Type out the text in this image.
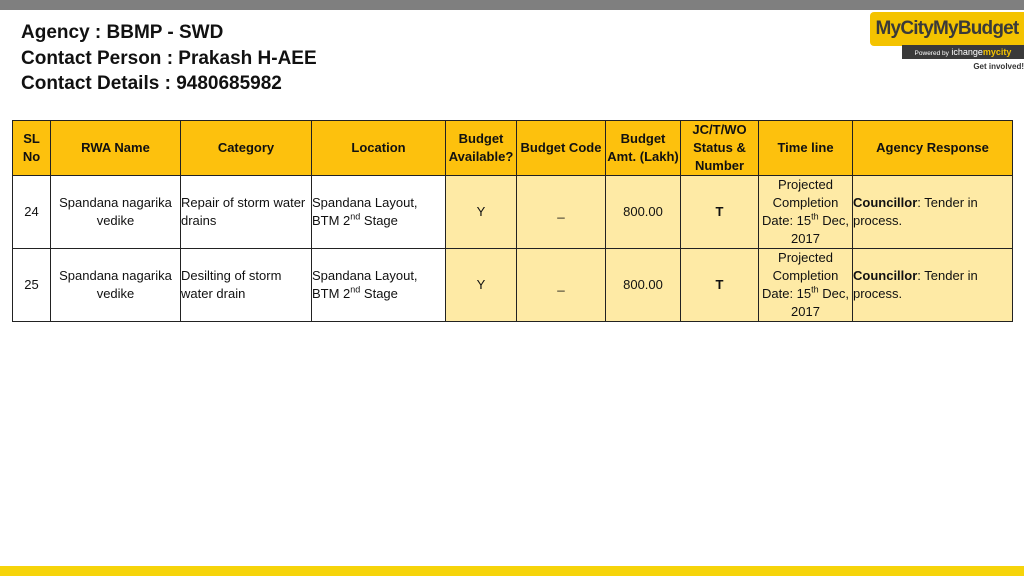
Agency : BBMP - SWD
Contact Person : Prakash H-AEE
Contact Details : 9480685982
MyCityMyBudget
Powered by ichangemycity
Get involved!
SL No	RWA Name	Category	Location	Budget Available?	Budget Code	Budget Amt. (Lakh)	JC/T/WO Status & Number	Time line	Agency Response
24	Spandana nagarika vedike	Repair of storm water drains	Spandana Layout, BTM 2nd Stage	Y	_	800.00	T	Projected Completion Date: 15th Dec, 2017	Councillor: Tender in process.
25	Spandana nagarika vedike	Desilting of storm water drain	Spandana Layout, BTM 2nd Stage	Y	_	800.00	T	Projected Completion Date: 15th Dec, 2017	Councillor: Tender in process.
